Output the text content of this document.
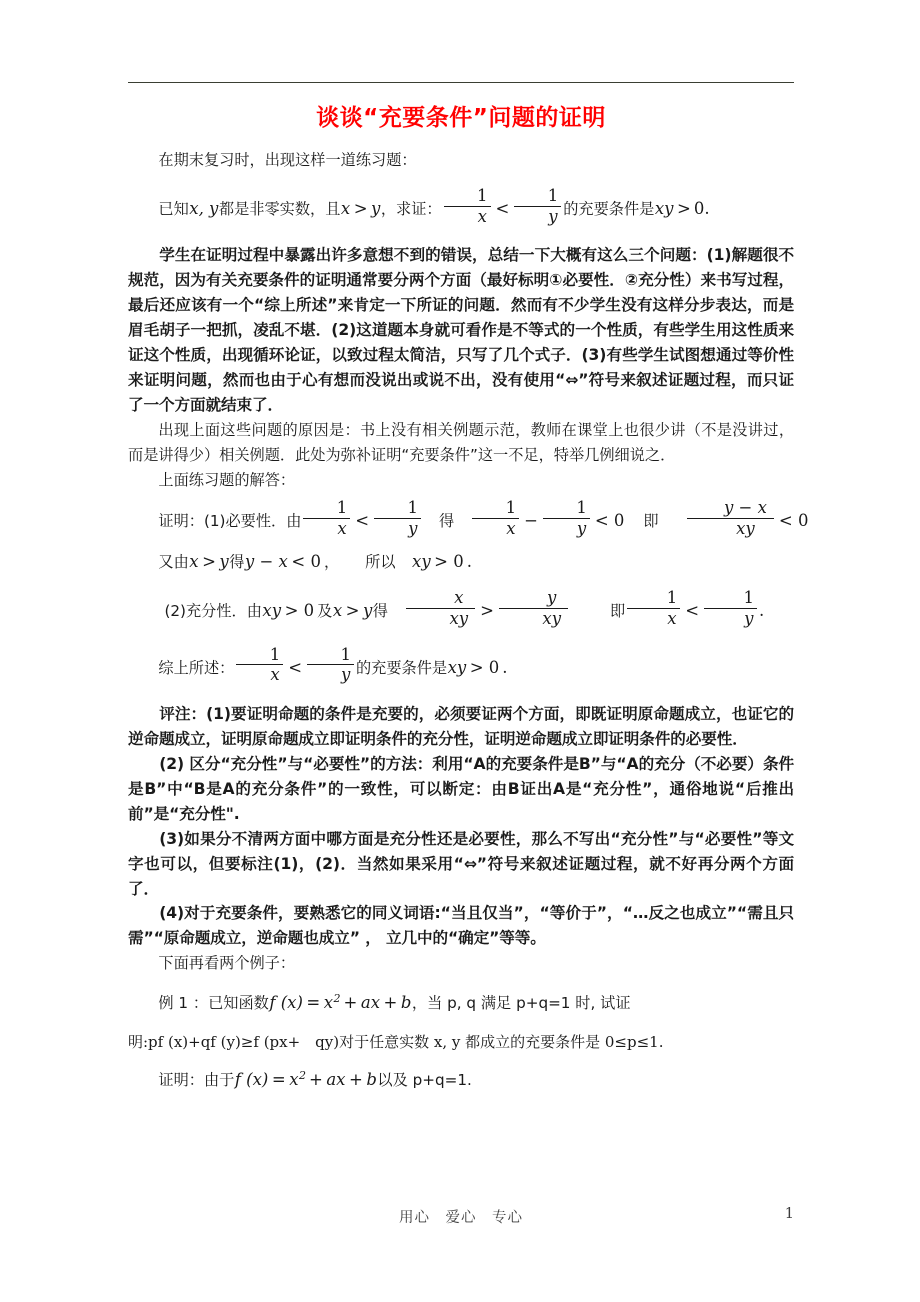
谈谈“充要条件”问题的证明

在期末复习时，出现这样一道练习题：

已知x, y都是非零实数，且x > y，求证： $\frac{1}{x} < \frac{1}{y}$ 的充要条件是xy > 0.

学生在证明过程中暴露出许多意想不到的错误，总结一下大概有这么三个问题：(1)解题很不规范，因为有关充要条件的证明通常要分两个方面（最好标明①必要性．②充分性）来书写过程，最后还应该有一个“综上所述”来肯定一下所证的问题．然而有不少学生没有这样分步表达，而是眉毛胡子一把抓，凌乱不堪．(2)这道题本身就可看作是不等式的一个性质，有些学生用这性质来证这个性质，出现循环论证，以致过程太简洁，只写了几个式子．(3)有些学生试图想通过等价性来证明问题，然而也由于心有想而没说出或说不出，没有使用“⇔”符号来叙述证题过程，而只证了一个方面就结束了．

出现上面这些问题的原因是：书上没有相关例题示范，教师在课堂上也很少讲（不是没讲过，而是讲得少）相关例题．此处为弥补证明“充要条件”这一不足，特举几例细说之．

上面练习题的解答：

证明：(1)必要性．由 $\frac{1}{x} < \frac{1}{y}$ 得 $\frac{1}{x} - \frac{1}{y} < 0$ 即 $\frac{y - x}{xy} < 0$

又由x > y得y − x < 0 ， 所以 xy > 0 .

(2)充分性．由xy > 0 及x > y得 $\frac{x}{xy} > \frac{y}{xy}$	即 $\frac{1}{x} < \frac{1}{y}$ .

综上所述： $\frac{1}{x} < \frac{1}{y}$ 的充要条件是xy > 0 .

评注：(1)要证明命题的条件是充要的，必须要证两个方面，即既证明原命题成立，也证它的逆命题成立，证明原命题成立即证明条件的充分性，证明逆命题成立即证明条件的必要性．

(2) 区分“充分性”与“必要性”的方法：利用“A的充要条件是B”与“A的充分（不必要）条件是B”中“B是A的充分条件”的一致性，可以断定：由B证出A是“充分性”，通俗地说“后推出前”是“充分性".

(3)如果分不清两方面中哪方面是充分性还是必要性，那么不写出“充分性”与“必要性”等文字也可以，但要标注(1)，(2)．当然如果采用“⇔”符号来叙述证题过程，就不好再分两个方面了．

(4)对于充要条件，要熟悉它的同义词语:“当且仅当”，“等价于”，“…反之也成立”“需且只需”“原命题成立，逆命题也成立” ， 立几中的“确定”等等。

下面再看两个例子：

例 1 ：已知函数f $(x) = x^2$ + ax + b，当 p, q 满足 p+q=1 时, 试证

明:pf (x)+qf (y)≥f (px+　qy)对于任意实数 x, y 都成立的充要条件是 0≤p≤1.

证明：由于f $(x) = x^2$ + ax + b以及 p+q=1.

用心　爱心　专心	1
